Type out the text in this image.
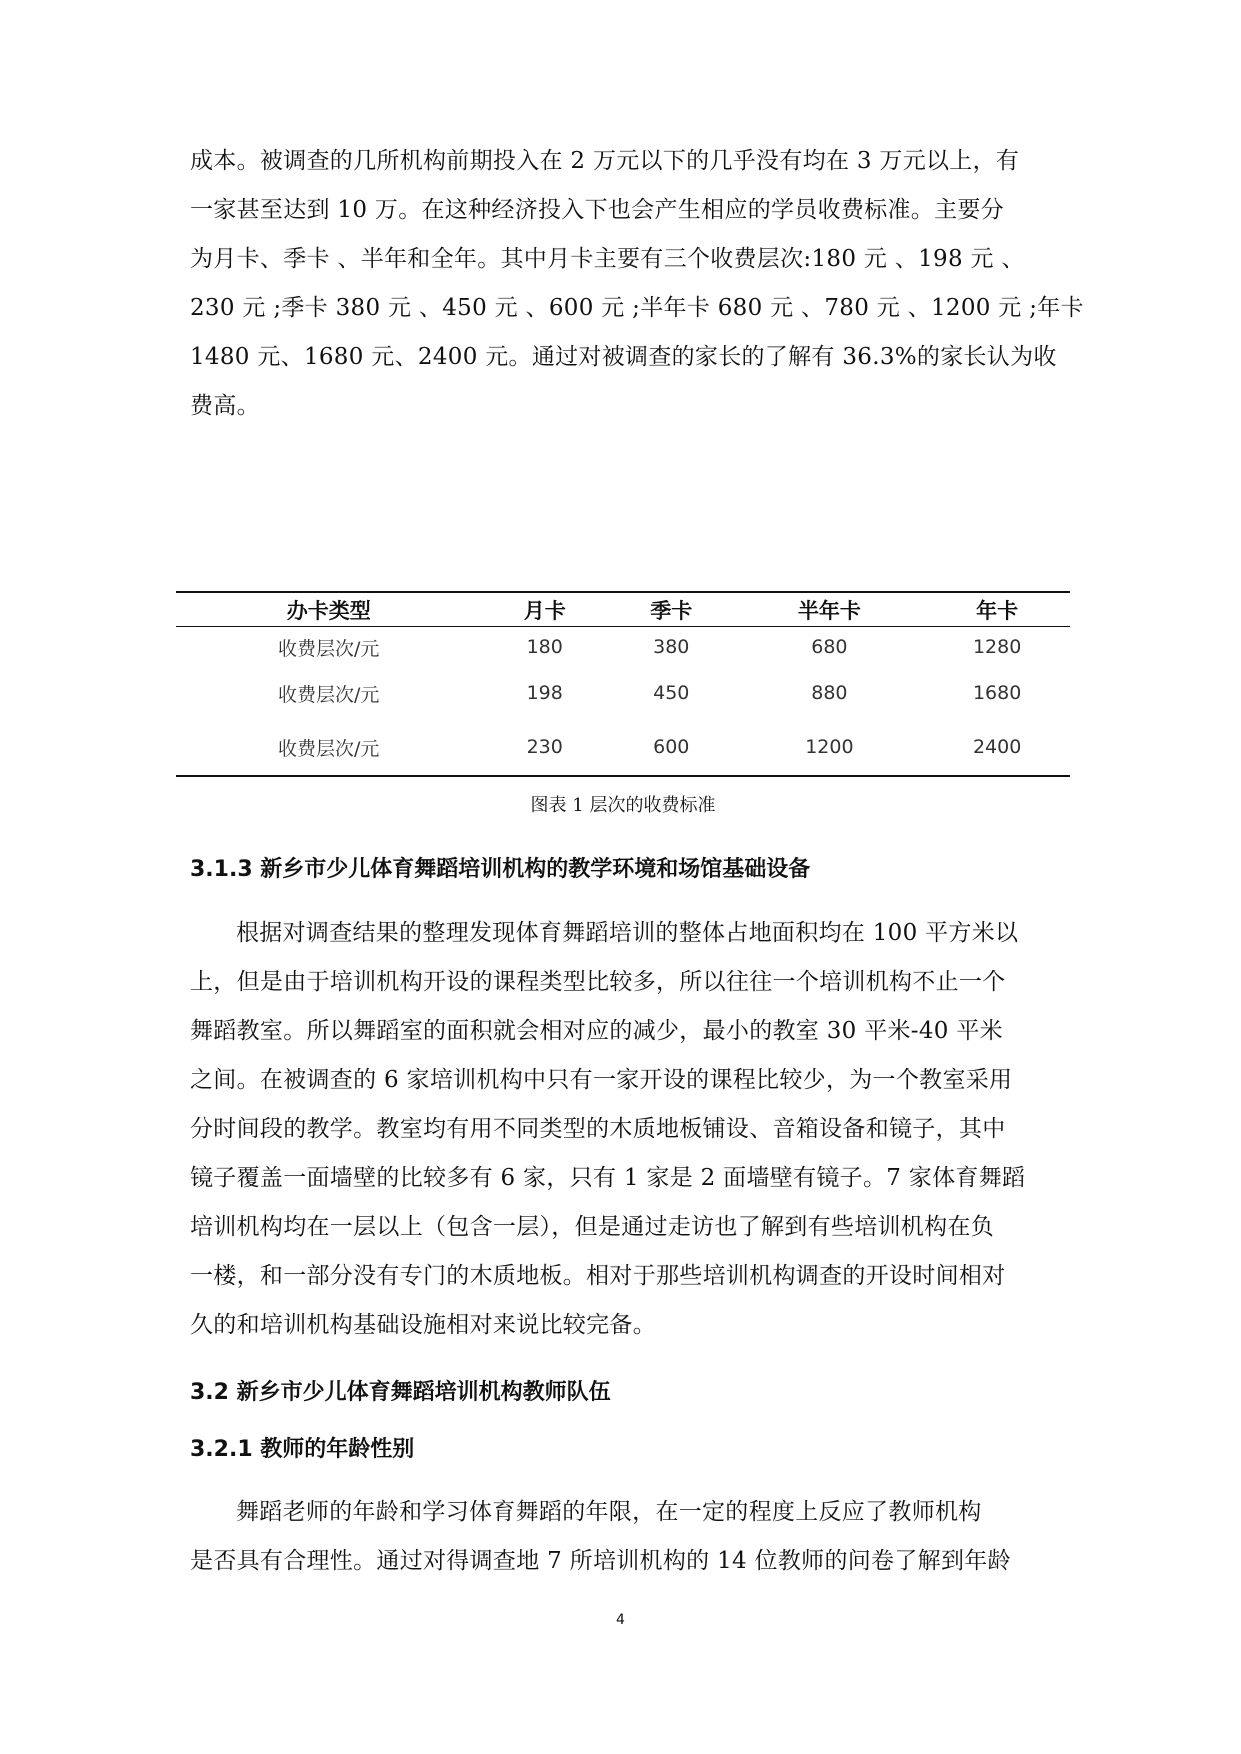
成本。被调查的几所机构前期投入在 2 万元以下的几乎没有均在 3 万元以上，有
一家甚至达到 10 万。在这种经济投入下也会产生相应的学员收费标准。主要分
为月卡、季卡 、半年和全年。其中月卡主要有三个收费层次:180 元 、198 元 、
230 元 ;季卡 380 元 、450 元 、600 元 ;半年卡 680 元 、780 元 、1200 元 ;年卡
1480 元、1680 元、2400 元。通过对被调查的家长的了解有 36.3%的家长认为收
费高。
办卡类型	月卡	季卡	半年卡	年卡
收费层次/元	180	380	680	1280
收费层次/元	198	450	880	1680
收费层次/元	230	600	1200	2400
图表 1 层次的收费标准
3.1.3 新乡市少儿体育舞蹈培训机构的教学环境和场馆基础设备
根据对调查结果的整理发现体育舞蹈培训的整体占地面积均在 100 平方米以
上，但是由于培训机构开设的课程类型比较多，所以往往一个培训机构不止一个
舞蹈教室。所以舞蹈室的面积就会相对应的减少，最小的教室 30 平米-40 平米
之间。在被调查的 6 家培训机构中只有一家开设的课程比较少，为一个教室采用
分时间段的教学。教室均有用不同类型的木质地板铺设、音箱设备和镜子，其中
镜子覆盖一面墙壁的比较多有 6 家，只有 1 家是 2 面墙壁有镜子。7 家体育舞蹈
培训机构均在一层以上（包含一层），但是通过走访也了解到有些培训机构在负
一楼，和一部分没有专门的木质地板。相对于那些培训机构调查的开设时间相对
久的和培训机构基础设施相对来说比较完备。
3.2 新乡市少儿体育舞蹈培训机构教师队伍
3.2.1 教师的年龄性别
舞蹈老师的年龄和学习体育舞蹈的年限，在一定的程度上反应了教师机构
是否具有合理性。通过对得调查地 7 所培训机构的 14 位教师的问卷了解到年龄
4
